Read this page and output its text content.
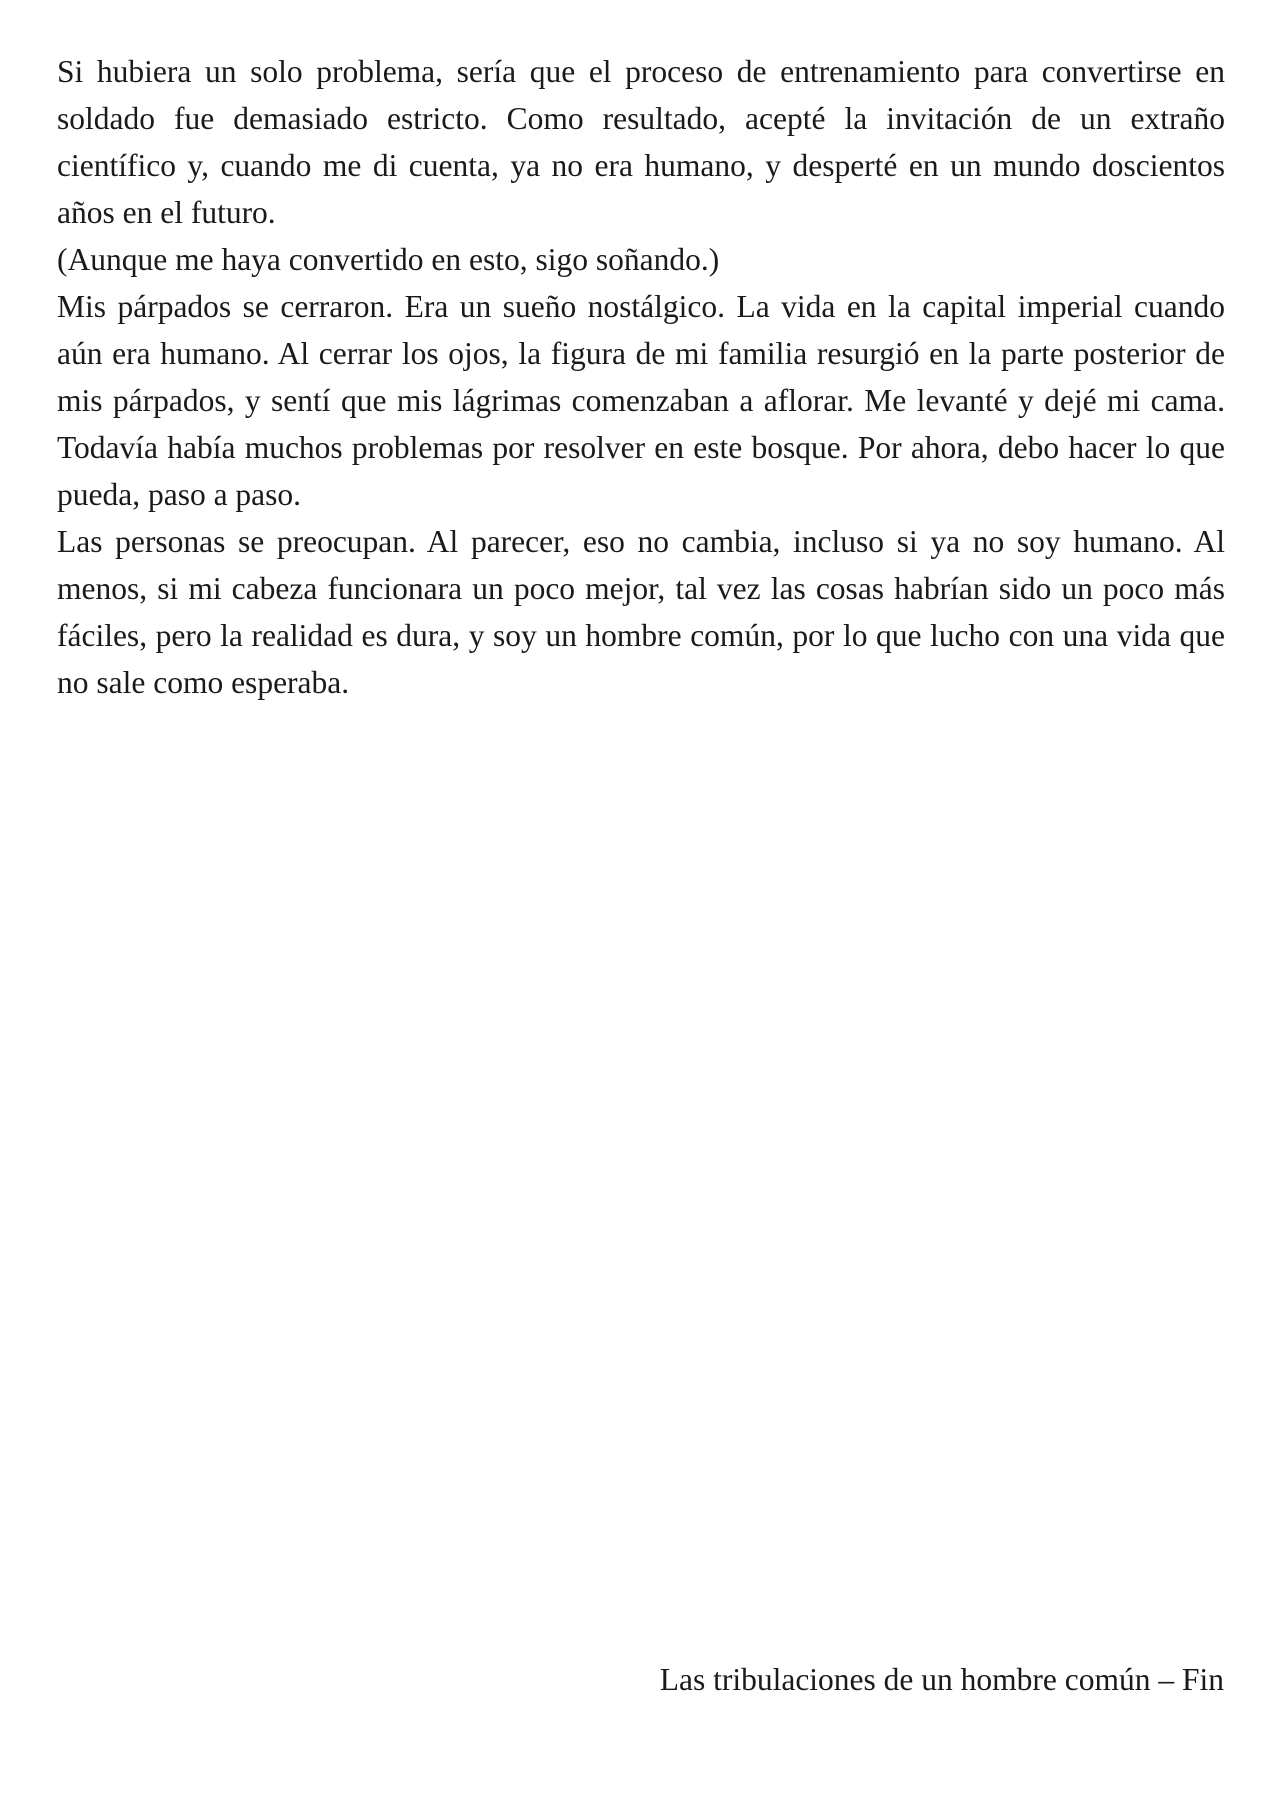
Si hubiera un solo problema, sería que el proceso de entrenamiento para convertirse en soldado fue demasiado estricto. Como resultado, acepté la invitación de un extraño científico y, cuando me di cuenta, ya no era humano, y desperté en un mundo doscientos años en el futuro.

(Aunque me haya convertido en esto, sigo soñando.)

Mis párpados se cerraron. Era un sueño nostálgico. La vida en la capital imperial cuando aún era humano. Al cerrar los ojos, la figura de mi familia resurgió en la parte posterior de mis párpados, y sentí que mis lágrimas comenzaban a aflorar. Me levanté y dejé mi cama. Todavía había muchos problemas por resolver en este bosque. Por ahora, debo hacer lo que pueda, paso a paso.

Las personas se preocupan. Al parecer, eso no cambia, incluso si ya no soy humano. Al menos, si mi cabeza funcionara un poco mejor, tal vez las cosas habrían sido un poco más fáciles, pero la realidad es dura, y soy un hombre común, por lo que lucho con una vida que no sale como esperaba.

Las tribulaciones de un hombre común – Fin
